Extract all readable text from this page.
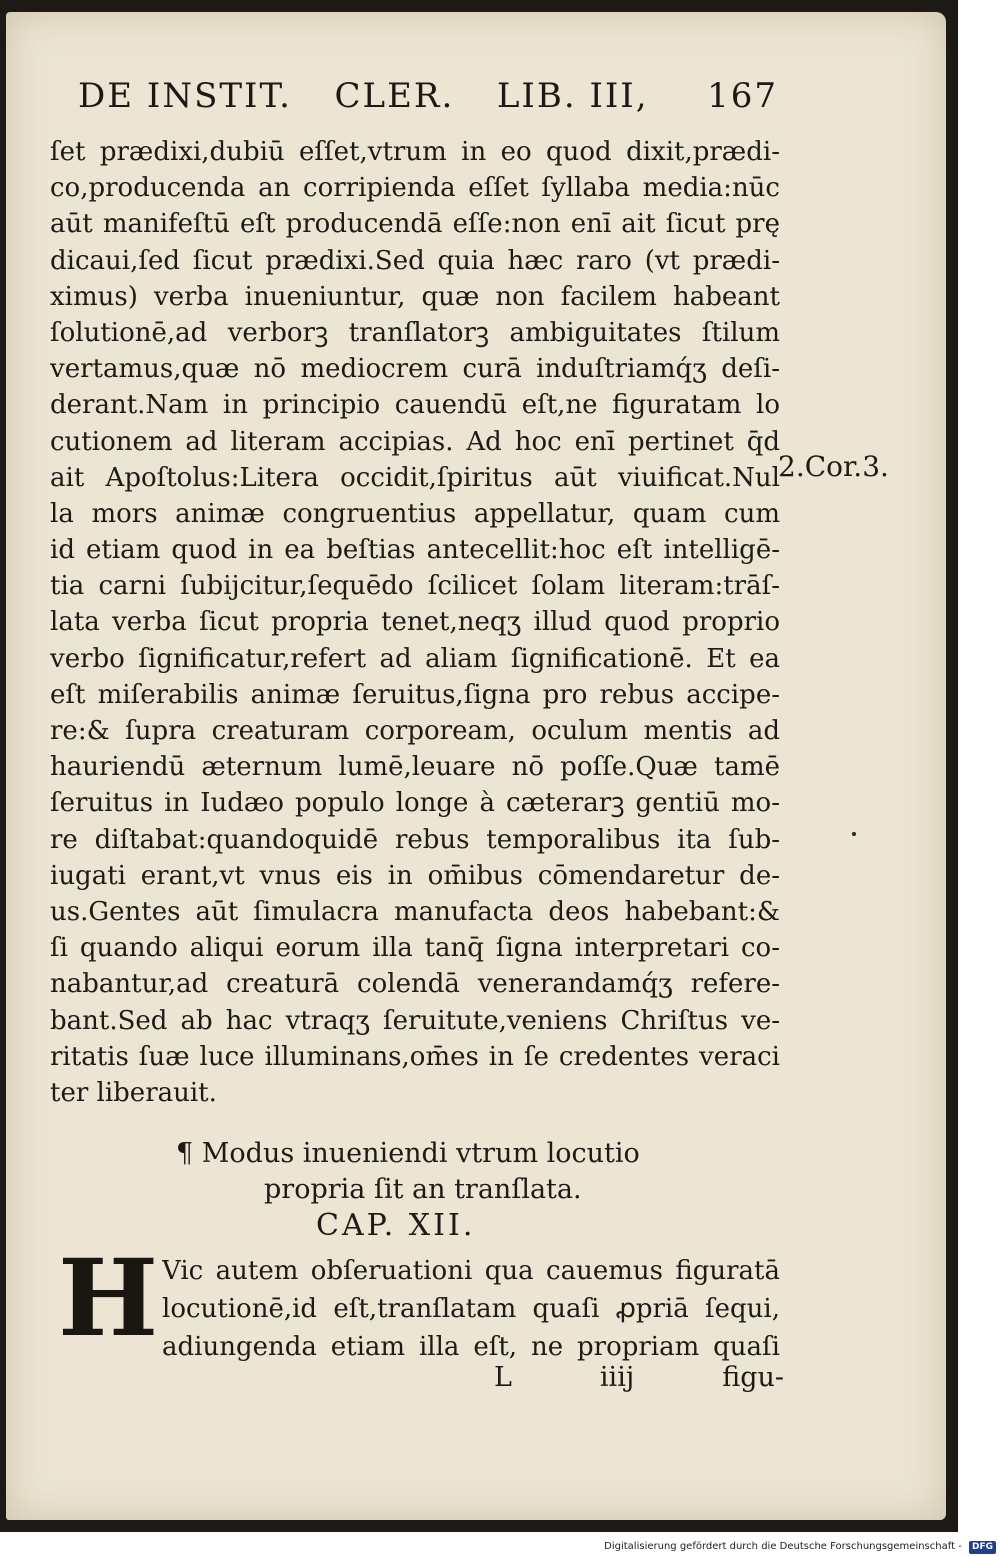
DE INSTIT. CLER. LIB. III, 167
ſet prædixi,dubiū eſſet,vtrum in eo quod dixit,prædi-
co,producenda an corripienda eſſet ſyllaba media:nūc
aūt manifeſtū eſt producendā eſſe:non enī ait ſicut prę
dicaui,ſed ſicut prædixi.Sed quia hæc raro (vt prædi-
ximus) verba inueniuntur, quæ non facilem habeant
ſolutionē,ad verborꝫ tranſlatorꝫ ambiguitates ſtilum
vertamus,quæ nō mediocrem curā induſtriamq́ʒ deſi-
derant.Nam in principio cauendū eſt,ne figuratam lo
cutionem ad literam accipias. Ad hoc enī pertinet q̄d
ait Apoſtolus:Litera occidit,ſpiritus aūt viuificat.Nul
la mors animæ congruentius appellatur, quam cum
id etiam quod in ea beſtias antecellit:hoc eſt intelligē-
tia carni ſubijcitur,ſequēdo ſcilicet ſolam literam:trāſ-
lata verba ſicut propria tenet,neqʒ illud quod proprio
verbo ſignificatur,refert ad aliam ſignificationē. Et ea
eſt miſerabilis animæ ſeruitus,ſigna pro rebus accipe-
re:& ſupra creaturam corpoream, oculum mentis ad
hauriendū æternum lumē,leuare nō poſſe.Quæ tamē
ſeruitus in Iudæo populo longe à cæterarꝫ gentiū mo-
re diſtabat:quandoquidē rebus temporalibus ita ſub-
iugati erant,vt vnus eis in om̄ibus cōmendaretur de-
us.Gentes aūt ſimulacra manufacta deos habebant:&
ſi quando aliqui eorum illa tanq̄ ſigna interpretari co-
nabantur,ad creaturā colendā venerandamq́ʒ refere-
bant.Sed ab hac vtraqʒ ſeruitute,veniens Chriſtus ve-
ritatis ſuæ luce illuminans,om̄es in ſe credentes veraci
ter liberauit.
2.Cor.3.
¶ Modus inueniendi vtrum locutio
propria ſit an tranſlata.
CAP. XII.
H Vic autem obſeruationi qua cauemus figuratā
locutionē,id eſt,tranſlatam quaſi ꝓpriā ſequi,
adiungenda etiam illa eſt, ne propriam quaſi
L	iiij	figu-
Digitalisierung gefördert durch die Deutsche Forschungsgemeinschaft - DFG
